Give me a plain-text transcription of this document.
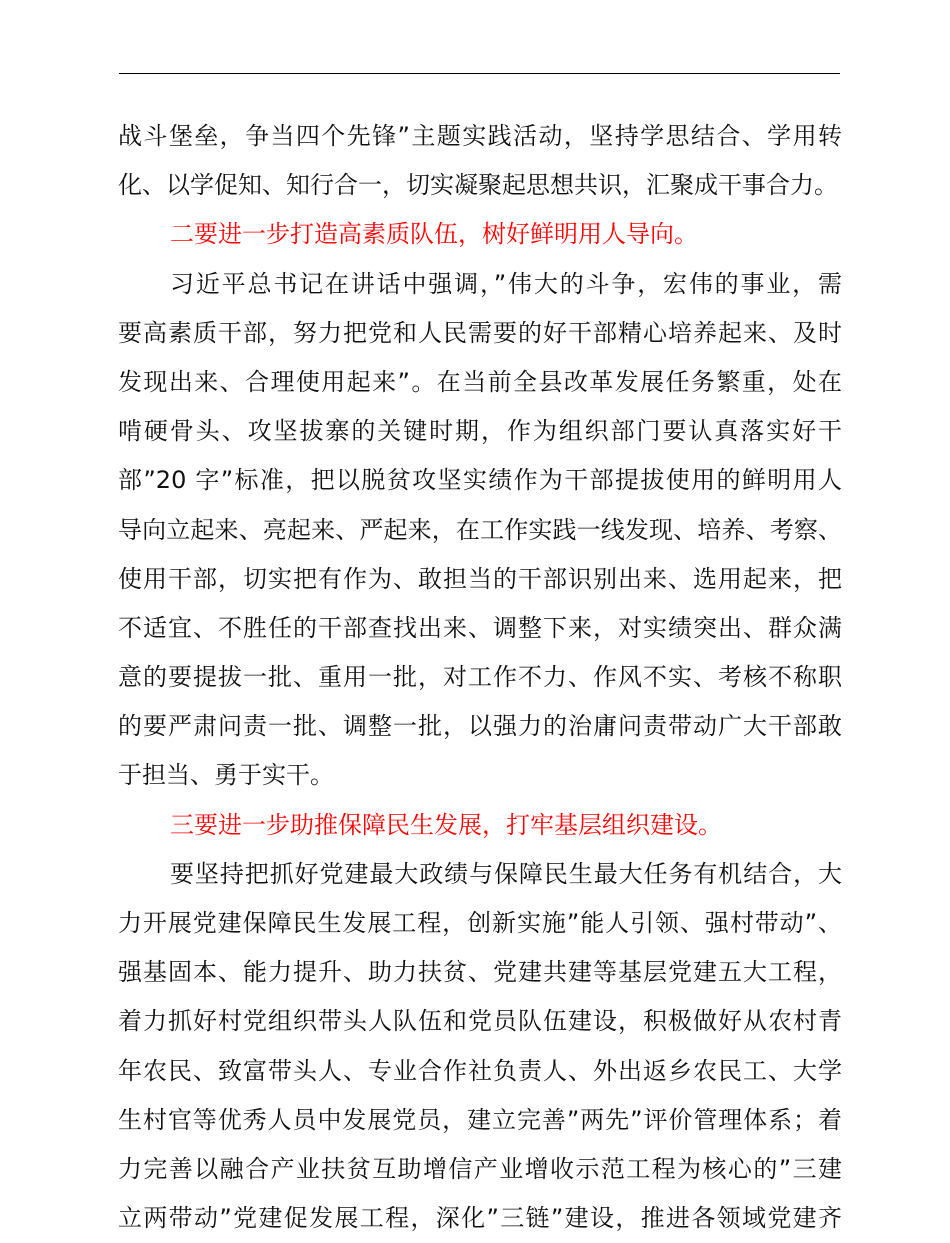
战斗堡垒，争当四个先锋”主题实践活动，坚持学思结合、学用转
化、以学促知、知行合一，切实凝聚起思想共识，汇聚成干事合力。
二要进一步打造高素质队伍，树好鲜明用人导向。
习近平总书记在讲话中强调，”伟大的斗争，宏伟的事业，需
要高素质干部，努力把党和人民需要的好干部精心培养起来、及时
发现出来、合理使用起来”。在当前全县改革发展任务繁重，处在
啃硬骨头、攻坚拔寨的关键时期，作为组织部门要认真落实好干
部”20 字”标准，把以脱贫攻坚实绩作为干部提拔使用的鲜明用人
导向立起来、亮起来、严起来，在工作实践一线发现、培养、考察、
使用干部，切实把有作为、敢担当的干部识别出来、选用起来，把
不适宜、不胜任的干部查找出来、调整下来，对实绩突出、群众满
意的要提拔一批、重用一批，对工作不力、作风不实、考核不称职
的要严肃问责一批、调整一批，以强力的治庸问责带动广大干部敢
于担当、勇于实干。
三要进一步助推保障民生发展，打牢基层组织建设。
要坚持把抓好党建最大政绩与保障民生最大任务有机结合，大
力开展党建保障民生发展工程，创新实施”能人引领、强村带动”、
强基固本、能力提升、助力扶贫、党建共建等基层党建五大工程，
着力抓好村党组织带头人队伍和党员队伍建设，积极做好从农村青
年农民、致富带头人、专业合作社负责人、外出返乡农民工、大学
生村官等优秀人员中发展党员，建立完善”两先”评价管理体系；着
力完善以融合产业扶贫互助增信产业增收示范工程为核心的”三建
立两带动”党建促发展工程，深化”三链”建设，推进各领域党建齐
